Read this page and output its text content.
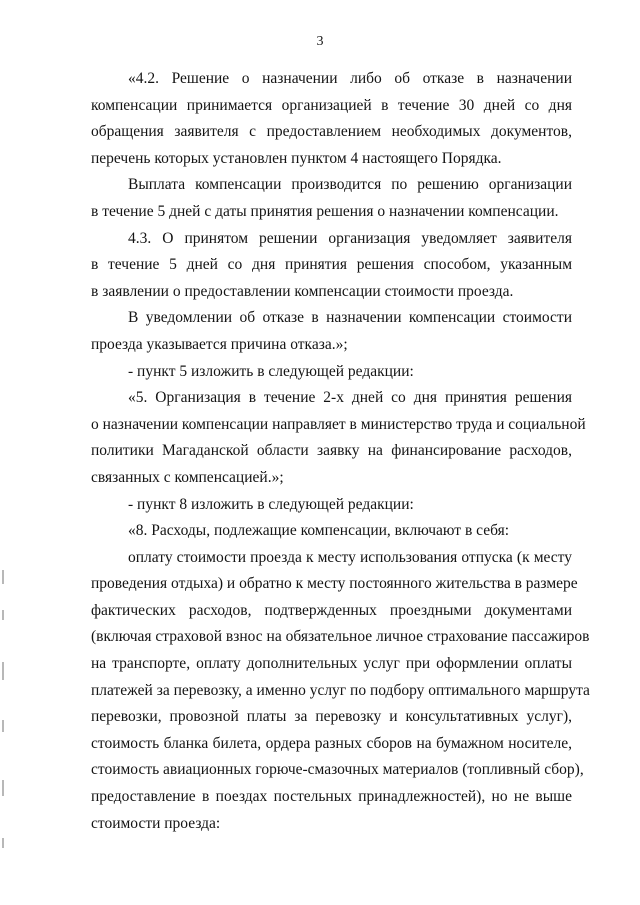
3
«4.2. Решение о назначении либо об отказе в назначении
компенсации принимается организацией в течение 30 дней со дня
обращения заявителя с предоставлением необходимых документов,
перечень которых установлен пунктом 4 настоящего Порядка.
Выплата компенсации производится по решению организации
в течение 5 дней с даты принятия решения о назначении компенсации.
4.3. О принятом решении организация уведомляет заявителя
в течение 5 дней со дня принятия решения способом, указанным
в заявлении о предоставлении компенсации стоимости проезда.
В уведомлении об отказе в назначении компенсации стоимости
проезда указывается причина отказа.»;
- пункт 5 изложить в следующей редакции:
«5. Организация в течение 2-х дней со дня принятия решения
о назначении компенсации направляет в министерство труда и социальной
политики Магаданской области заявку на финансирование расходов,
связанных с компенсацией.»;
- пункт 8 изложить в следующей редакции:
«8. Расходы, подлежащие компенсации, включают в себя:
оплату стоимости проезда к месту использования отпуска (к месту
проведения отдыха) и обратно к месту постоянного жительства в размере
фактических расходов, подтвержденных проездными документами
(включая страховой взнос на обязательное личное страхование пассажиров
на транспорте, оплату дополнительных услуг при оформлении оплаты
платежей за перевозку, а именно услуг по подбору оптимального маршрута
перевозки, провозной платы за перевозку и консультативных услуг),
стоимость бланка билета, ордера разных сборов на бумажном носителе,
стоимость авиационных горюче-смазочных материалов (топливный сбор),
предоставление в поездах постельных принадлежностей), но не выше
стоимости проезда:
